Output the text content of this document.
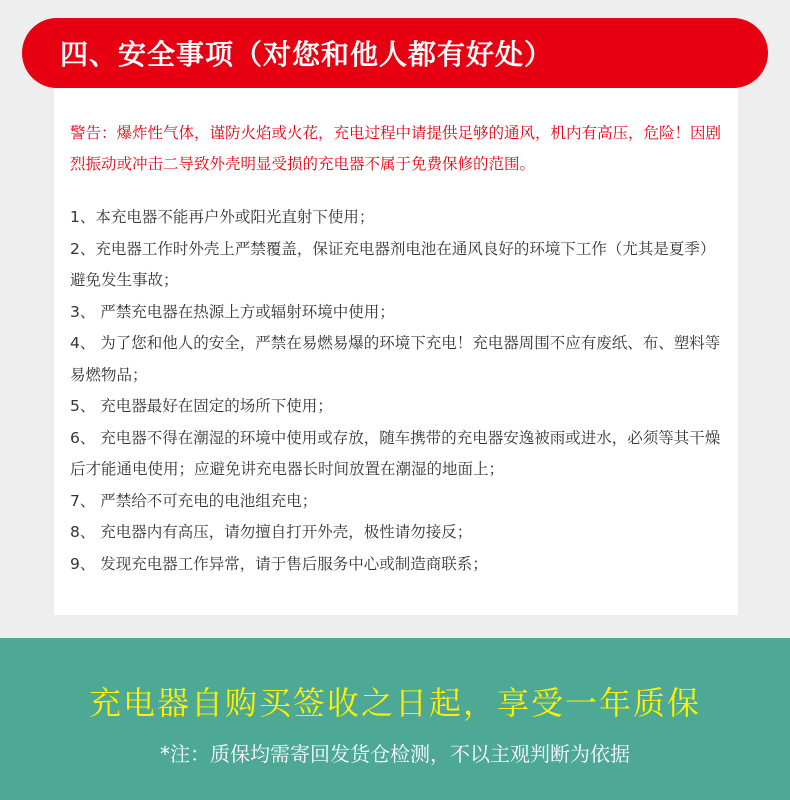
四、安全事项（对您和他人都有好处）

警告：爆炸性气体，谨防火焰或火花，充电过程中请提供足够的通风，机内有高压，危险！因剧烈振动或冲击二导致外壳明显受损的充电器不属于免费保修的范围。

1、本充电器不能再户外或阳光直射下使用；
2、充电器工作时外壳上严禁覆盖，保证充电器剂电池在通风良好的环境下工作（尤其是夏季）避免发生事故；
3、 严禁充电器在热源上方或辐射环境中使用；
4、 为了您和他人的安全，严禁在易燃易爆的环境下充电！充电器周围不应有废纸、布、塑料等易燃物品；
5、 充电器最好在固定的场所下使用；
6、 充电器不得在潮湿的环境中使用或存放，随车携带的充电器安逸被雨或进水，必须等其干燥后才能通电使用；应避免讲充电器长时间放置在潮湿的地面上；
7、 严禁给不可充电的电池组充电；
8、 充电器内有高压，请勿擅自打开外壳，极性请勿接反；
9、 发现充电器工作异常，请于售后服务中心或制造商联系；
充电器自购买签收之日起，享受一年质保
*注：质保均需寄回发货仓检测，不以主观判断为依据
